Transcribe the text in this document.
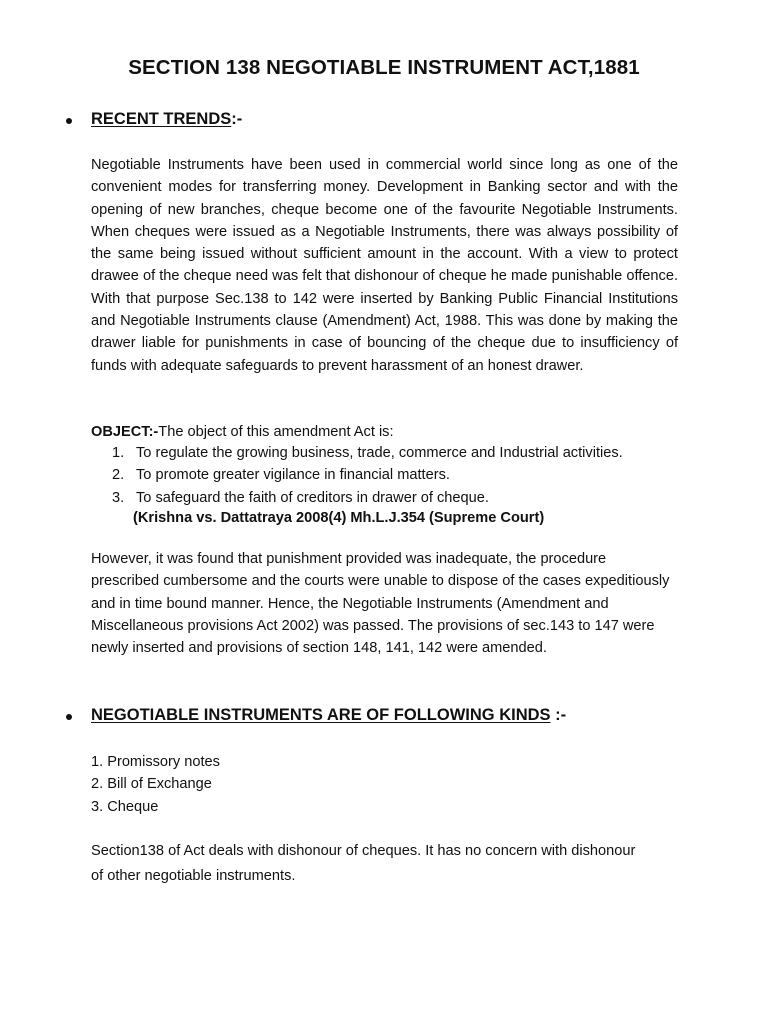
SECTION 138 NEGOTIABLE INSTRUMENT ACT,1881
RECENT TRENDS:-

Negotiable Instruments have been used in commercial world since long as one of the convenient modes for transferring money. Development in Banking sector and with the opening of new branches, cheque become one of the favourite Negotiable Instruments. When cheques were issued as a Negotiable Instruments, there was always possibility of the same being issued without sufficient amount in the account. With a view to protect drawee of the cheque need was felt that dishonour of cheque he made punishable offence. With that purpose Sec.138 to 142 were inserted by Banking Public Financial Institutions and Negotiable Instruments clause (Amendment) Act, 1988. This was done by making the drawer liable for punishments in case of bouncing of the cheque due to insufficiency of funds with adequate safeguards to prevent harassment of an honest drawer.

OBJECT:-The object of this amendment Act is:
1. To regulate the growing business, trade, commerce and Industrial activities.
2. To promote greater vigilance in financial matters.
3. To safeguard the faith of creditors in drawer of cheque.
(Krishna vs. Dattatraya 2008(4) Mh.L.J.354 (Supreme Court)

However, it was found that punishment provided was inadequate, the procedure prescribed cumbersome and the courts were unable to dispose of the cases expeditiously and in time bound manner. Hence, the Negotiable Instruments (Amendment and Miscellaneous provisions Act 2002) was passed. The provisions of sec.143 to 147 were newly inserted and provisions of section 148, 141, 142 were amended.

NEGOTIABLE INSTRUMENTS ARE OF FOLLOWING KINDS :-
1. Promissory notes
2. Bill of Exchange
3. Cheque

Section138 of Act deals with dishonour of cheques. It has no concern with dishonour of other negotiable instruments.
